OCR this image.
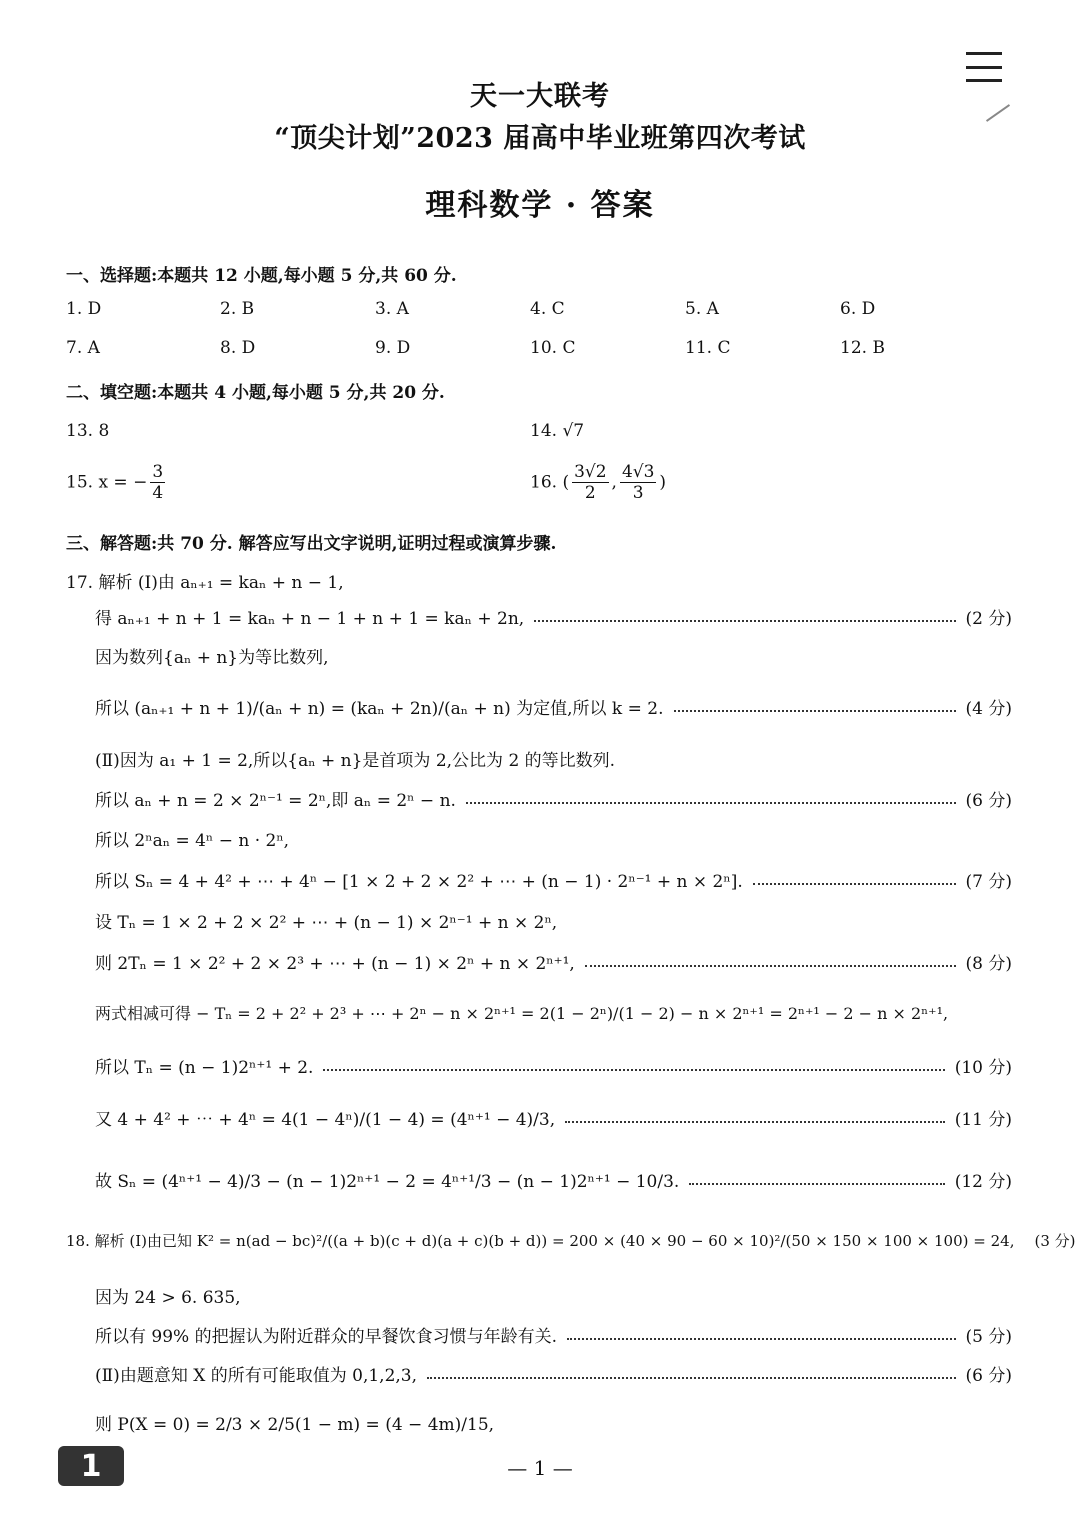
天一大联考
“顶尖计划”2023 届高中毕业班第四次考试
理科数学 · 答案
一、选择题:本题共 12 小题,每小题 5 分,共 60 分.
1. D	2. B	3. A	4. C	5. A	6. D
7. A	8. D	9. D	10. C	11. C	12. B
二、填空题:本题共 4 小题,每小题 5 分,共 20 分.
13. 8	14. √7
15. x = − $\frac{3}{4}$	16. ( $\frac{3√2}{2}$ , $\frac{4√3}{3}$ )
三、解答题:共 70 分. 解答应写出文字说明,证明过程或演算步骤.
17. 解析 (Ⅰ)由 aₙ₊₁ = kaₙ + n − 1,
得 aₙ₊₁ + n + 1 = kaₙ + n − 1 + n + 1 = kaₙ + 2n,	(2 分)
因为数列{aₙ + n}为等比数列,
所以 (aₙ₊₁ + n + 1)/(aₙ + n) = (kaₙ + 2n)/(aₙ + n) 为定值,所以 k = 2.	(4 分)
(Ⅱ)因为 a₁ + 1 = 2,所以{aₙ + n}是首项为 2,公比为 2 的等比数列.
所以 aₙ + n = 2 × 2ⁿ⁻¹ = 2ⁿ,即 aₙ = 2ⁿ − n.	(6 分)
所以 2ⁿaₙ = 4ⁿ − n · 2ⁿ,
所以 Sₙ = 4 + 4² + ⋯ + 4ⁿ − [1 × 2 + 2 × 2² + ⋯ + (n − 1) · 2ⁿ⁻¹ + n × 2ⁿ].	(7 分)
设 Tₙ = 1 × 2 + 2 × 2² + ⋯ + (n − 1) × 2ⁿ⁻¹ + n × 2ⁿ,
则 2Tₙ = 1 × 2² + 2 × 2³ + ⋯ + (n − 1) × 2ⁿ + n × 2ⁿ⁺¹,	(8 分)
两式相减可得 − Tₙ = 2 + 2² + 2³ + ⋯ + 2ⁿ − n × 2ⁿ⁺¹ = 2(1 − 2ⁿ)/(1 − 2) − n × 2ⁿ⁺¹ = 2ⁿ⁺¹ − 2 − n × 2ⁿ⁺¹,
所以 Tₙ = (n − 1)2ⁿ⁺¹ + 2.	(10 分)
又 4 + 4² + ⋯ + 4ⁿ = 4(1 − 4ⁿ)/(1 − 4) = (4ⁿ⁺¹ − 4)/3,	(11 分)
故 Sₙ = (4ⁿ⁺¹ − 4)/3 − (n − 1)2ⁿ⁺¹ − 2 = 4ⁿ⁺¹/3 − (n − 1)2ⁿ⁺¹ − 10/3.	(12 分)
18. 解析 (Ⅰ)由已知 K² = n(ad − bc)²/((a + b)(c + d)(a + c)(b + d)) = 200 × (40 × 90 − 60 × 10)²/(50 × 150 × 100 × 100) = 24, (3 分)
因为 24 > 6. 635,
所以有 99% 的把握认为附近群众的早餐饮食习惯与年龄有关.	(5 分)
(Ⅱ)由题意知 X 的所有可能取值为 0,1,2,3,	(6 分)
则 P(X = 0) = 2/3 × 2/5(1 − m) = (4 − 4m)/15,
1	— 1 —
